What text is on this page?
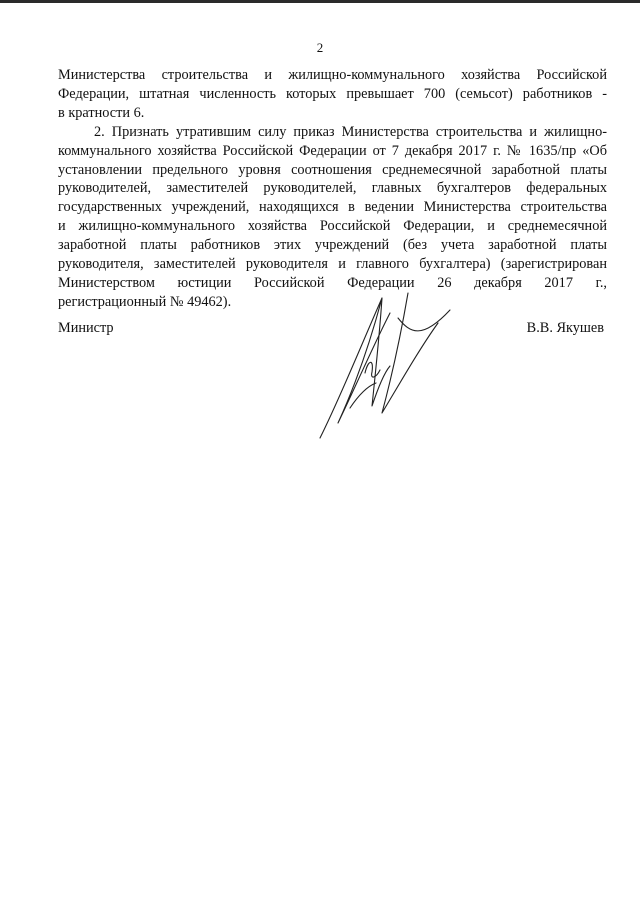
2

Министерства строительства и жилищно-коммунального хозяйства Российской
Федерации, штатная численность которых превышает 700 (семьсот) работников -
в кратности 6.

2. Признать утратившим силу приказ Министерства строительства и жилищно-
коммунального хозяйства Российской Федерации от 7 декабря 2017 г. № 1635/пр «Об
установлении предельного уровня соотношения среднемесячной заработной платы
руководителей, заместителей руководителей, главных бухгалтеров федеральных
государственных учреждений, находящихся в ведении Министерства строительства
и жилищно-коммунального хозяйства Российской Федерации, и среднемесячной
заработной платы работников этих учреждений (без учета заработной платы
руководителя, заместителей руководителя и главного бухгалтера) (зарегистрирован
Министерством юстиции Российской Федерации 26 декабря 2017 г.,
регистрационный № 49462).

Министр	В.В. Якушев
